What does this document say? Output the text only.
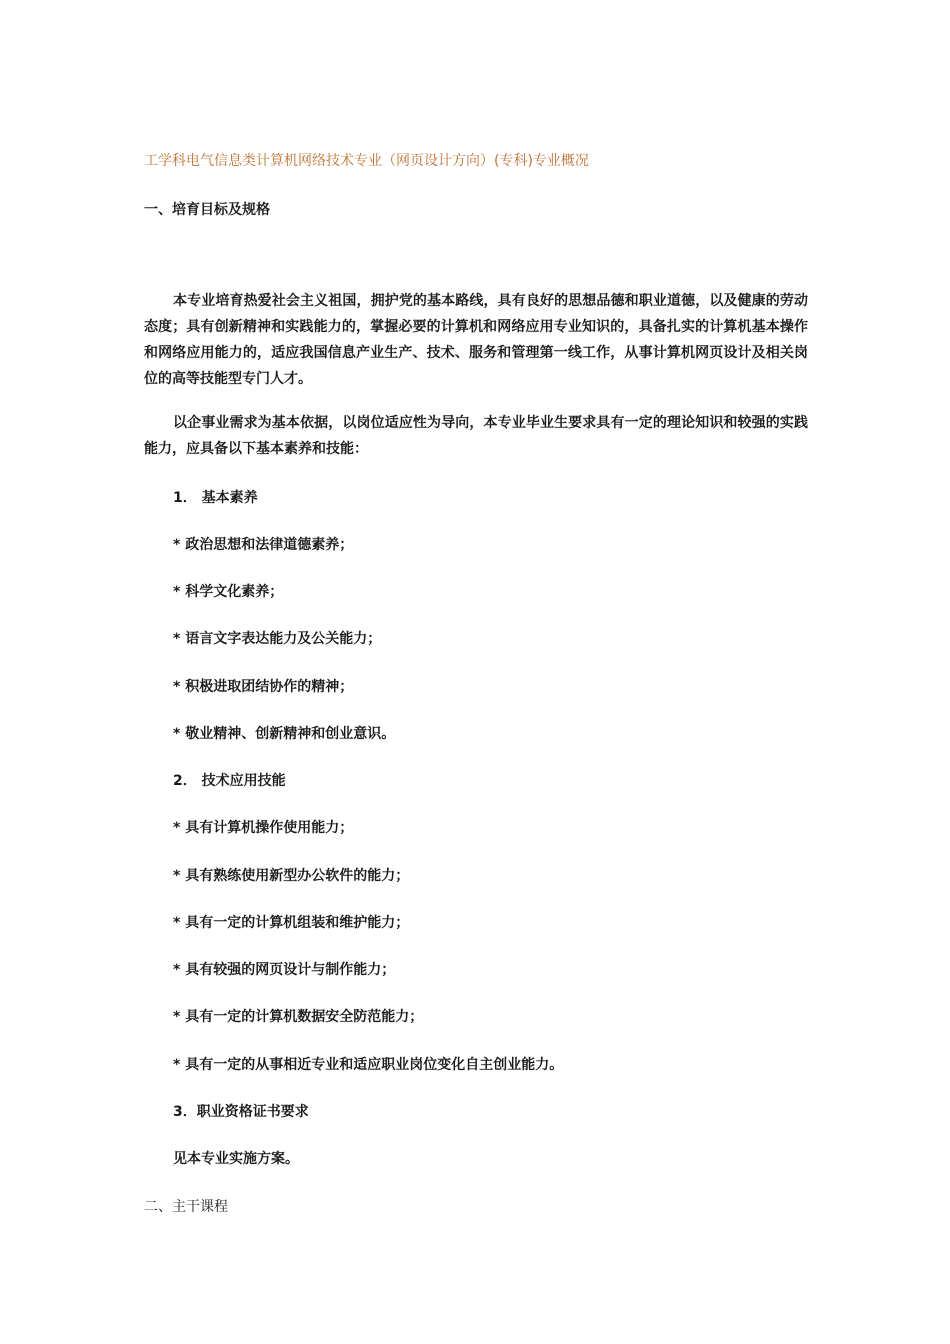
工学科电气信息类计算机网络技术专业（网页设计方向）(专科)专业概况
一、培育目标及规格

本专业培育热爱社会主义祖国，拥护党的基本路线，具有良好的思想品德和职业道德，以及健康的劳动态度；具有创新精神和实践能力的，掌握必要的计算机和网络应用专业知识的，具备扎实的计算机基本操作和网络应用能力的，适应我国信息产业生产、技术、服务和管理第一线工作，从事计算机网页设计及相关岗位的高等技能型专门人才。

以企事业需求为基本依据，以岗位适应性为导向，本专业毕业生要求具有一定的理论知识和较强的实践能力，应具备以下基本素养和技能：

1． 基本素养
* 政治思想和法律道德素养；
* 科学文化素养；
* 语言文字表达能力及公关能力；
* 积极进取团结协作的精神；
* 敬业精神、创新精神和创业意识。
2． 技术应用技能
* 具有计算机操作使用能力；
* 具有熟练使用新型办公软件的能力；
* 具有一定的计算机组装和维护能力；
* 具有较强的网页设计与制作能力；
* 具有一定的计算机数据安全防范能力；
* 具有一定的从事相近专业和适应职业岗位变化自主创业能力。
3．职业资格证书要求
见本专业实施方案。
二、主干课程
